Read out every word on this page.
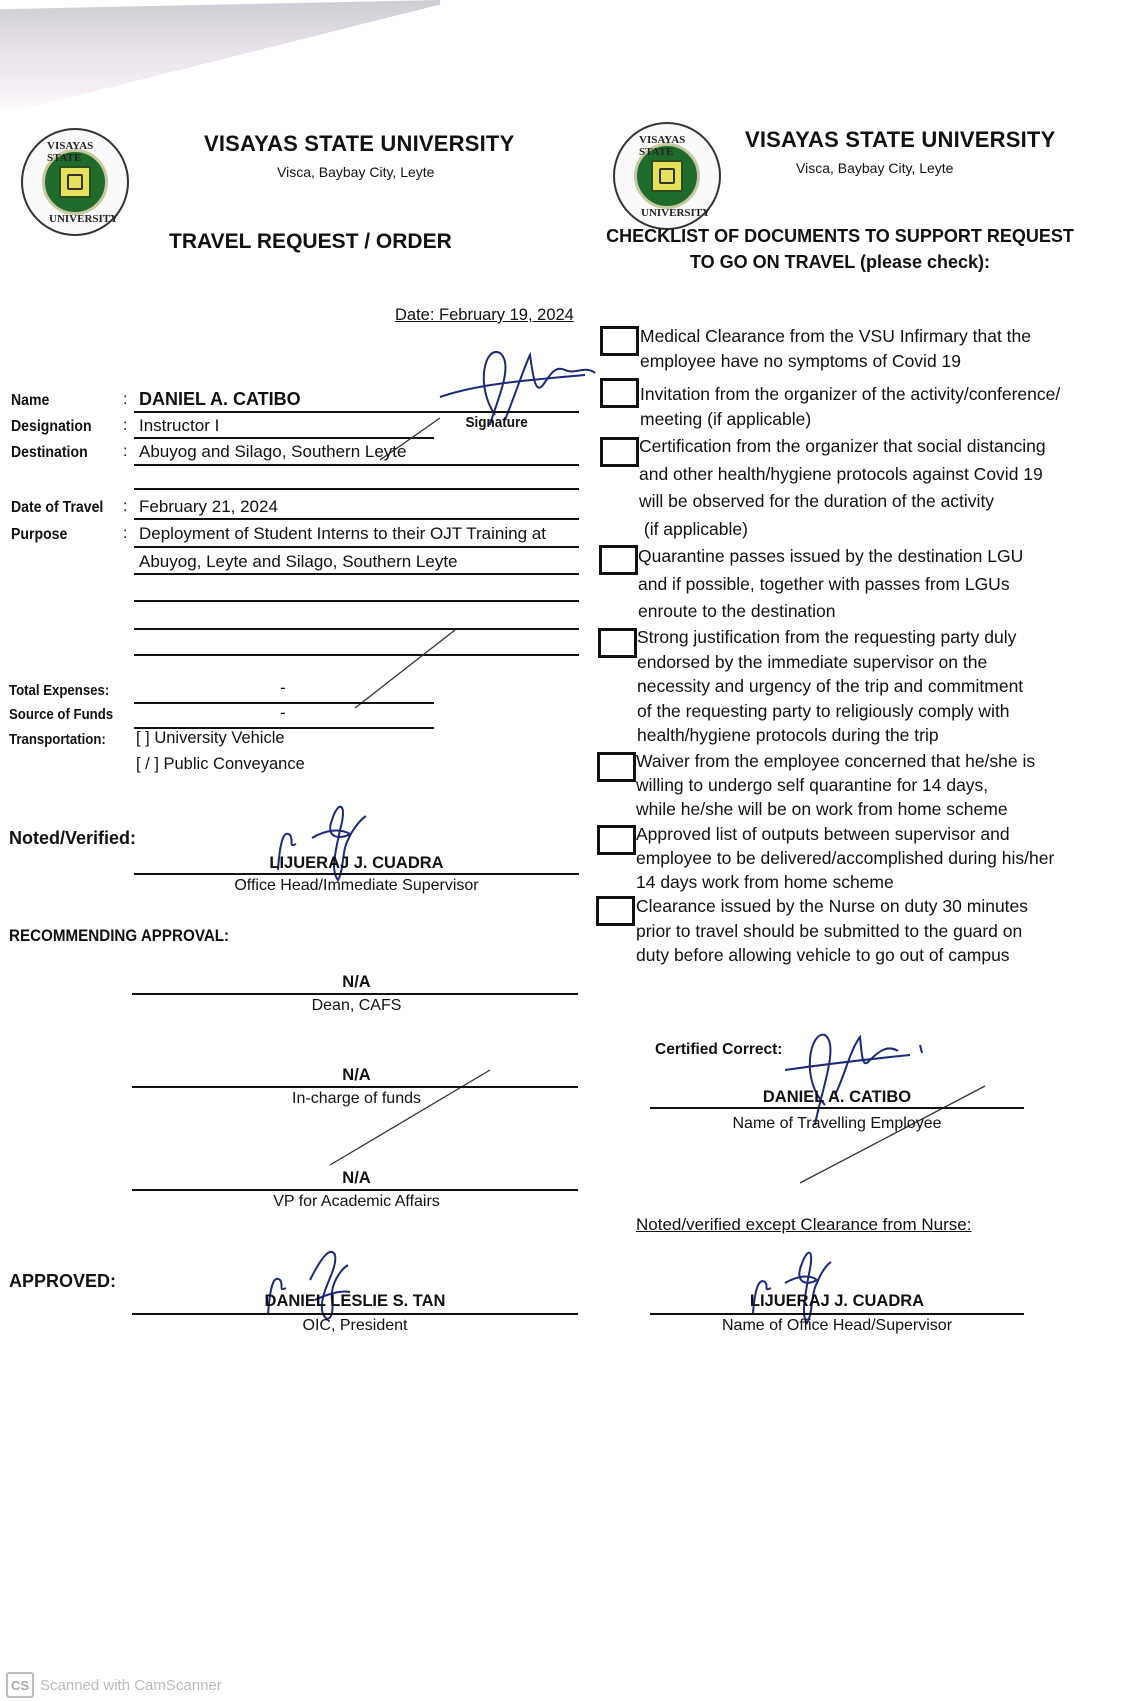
VISAYAS STATE
UNIVERSITY
VISAYAS STATE UNIVERSITY
Visca, Baybay City, Leyte
TRAVEL REQUEST / ORDER
VISAYAS STATE
UNIVERSITY
VISAYAS STATE UNIVERSITY
Visca, Baybay City, Leyte
CHECKLIST OF DOCUMENTS TO SUPPORT REQUEST
TO GO ON TRAVEL (please check):
Date: February 19, 2024
Signature
Name	: DANIEL A. CATIBO
Designation : Instructor I
Destination : Abuyog and Silago, Southern Leyte
Date of Travel : February 21, 2024
Purpose	: Deployment of Student Interns to their OJT Training at
Abuyog, Leyte and Silago, Southern Leyte
Total Expenses:	-
Source of Funds	-
Transportation: [ ] University Vehicle
[ / ] Public Conveyance
Noted/Verified:
LIJUERAJ J. CUADRA
Office Head/Immediate Supervisor
RECOMMENDING APPROVAL:
N/A
Dean, CAFS
N/A
In-charge of funds
N/A
VP for Academic Affairs
APPROVED:
DANIEL LESLIE S. TAN
OIC, President
Medical Clearance from the VSU Infirmary that the
employee have no symptoms of Covid 19
Invitation from the organizer of the activity/conference/
meeting (if applicable)
Certification from the organizer that social distancing
and other health/hygiene protocols against Covid 19
will be observed for the duration of the activity
(if applicable)
Quarantine passes issued by the destination LGU
and if possible, together with passes from LGUs
enroute to the destination
Strong justification from the requesting party duly
endorsed by the immediate supervisor on the
necessity and urgency of the trip and commitment
of the requesting party to religiously comply with
health/hygiene protocols during the trip
Waiver from the employee concerned that he/she is
willing to undergo self quarantine for 14 days,
while he/she will be on work from home scheme
Approved list of outputs between supervisor and
employee to be delivered/accomplished during his/her
14 days work from home scheme
Clearance issued by the Nurse on duty 30 minutes
prior to travel should be submitted to the guard on
duty before allowing vehicle to go out of campus
Certified Correct:
DANIEL A. CATIBO
Name of Travelling Employee
Noted/verified except Clearance from Nurse:
LIJUERAJ J. CUADRA
Name of Office Head/Supervisor
CS Scanned with CamScanner
